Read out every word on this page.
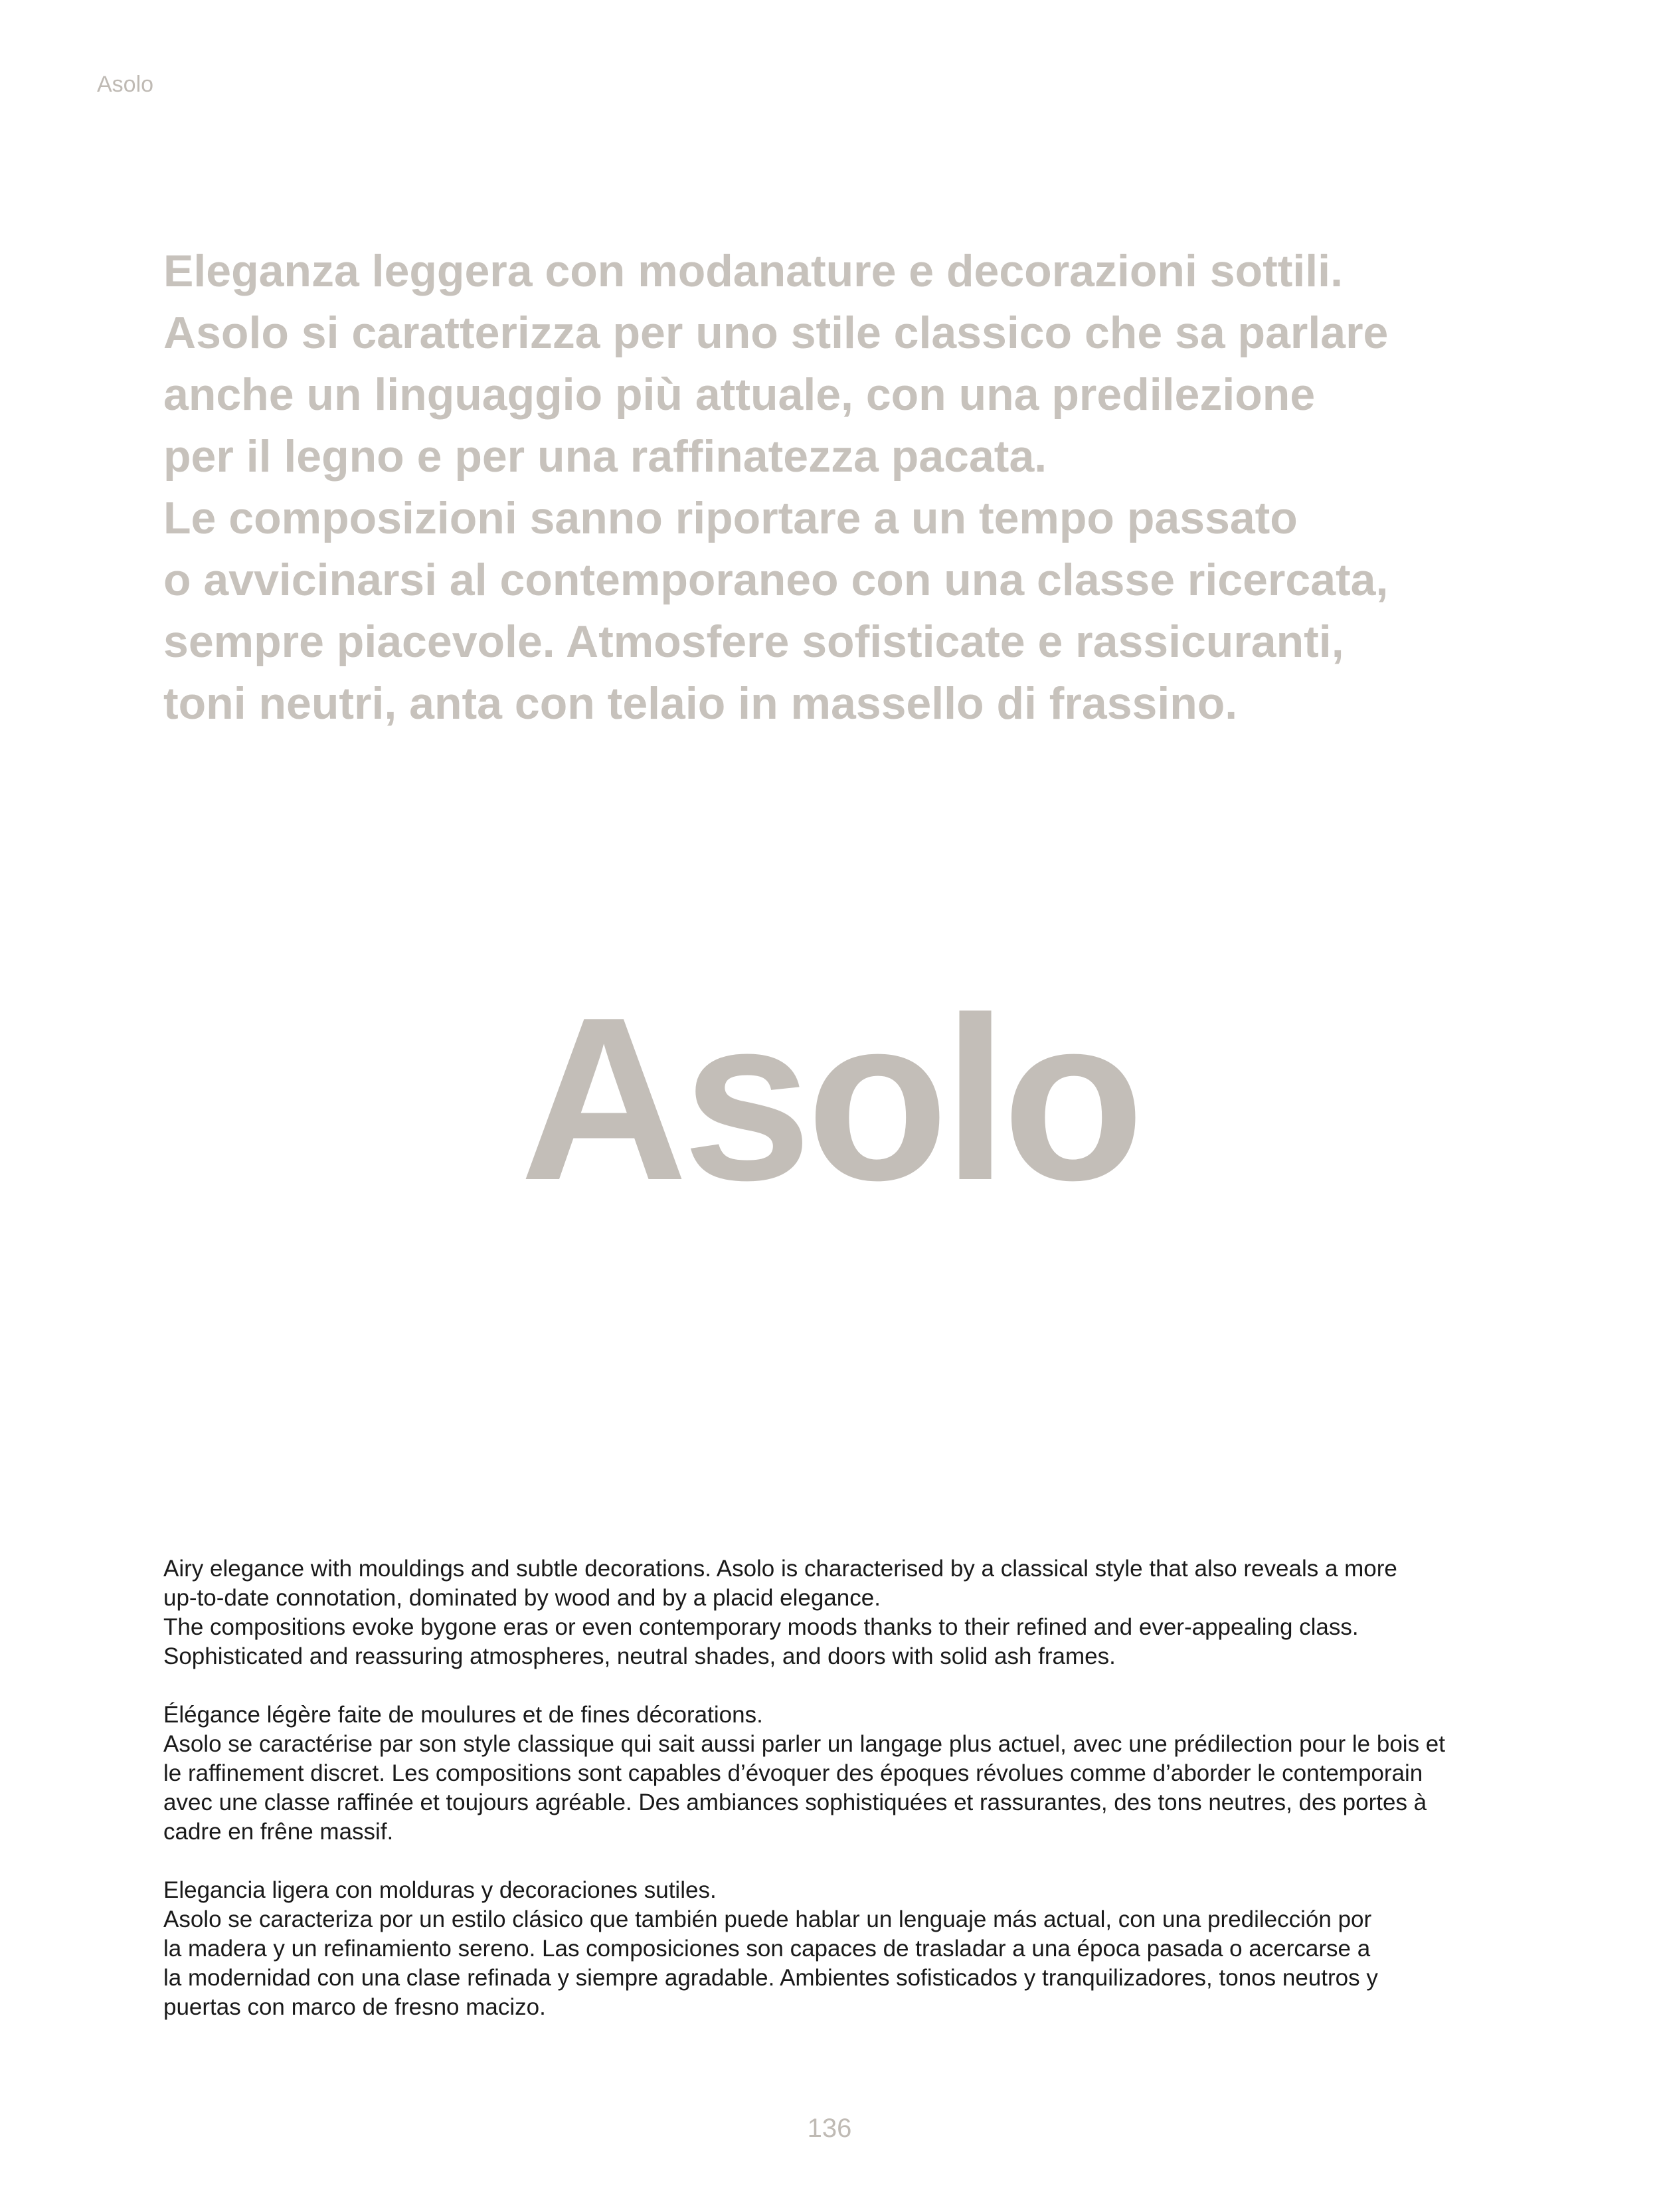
Asolo
Eleganza leggera con modanature e decorazioni sottili.
Asolo si caratterizza per uno stile classico che sa parlare
anche un linguaggio più attuale, con una predilezione
per il legno e per una raffinatezza pacata.
Le composizioni sanno riportare a un tempo passato
o avvicinarsi al contemporaneo con una classe ricercata,
sempre piacevole. Atmosfere sofisticate e rassicuranti,
toni neutri, anta con telaio in massello di frassino.
Asolo
Airy elegance with mouldings and subtle decorations. Asolo is characterised by a classical style that also reveals a more
up-to-date connotation, dominated by wood and by a placid elegance.
The compositions evoke bygone eras or even contemporary moods thanks to their refined and ever-appealing class.
Sophisticated and reassuring atmospheres, neutral shades, and doors with solid ash frames.
Élégance légère faite de moulures et de fines décorations.
Asolo se caractérise par son style classique qui sait aussi parler un langage plus actuel, avec une prédilection pour le bois et
le raffinement discret. Les compositions sont capables d’évoquer des époques révolues comme d’aborder le contemporain
avec une classe raffinée et toujours agréable. Des ambiances sophistiquées et rassurantes, des tons neutres, des portes à
cadre en frêne massif.
Elegancia ligera con molduras y decoraciones sutiles.
Asolo se caracteriza por un estilo clásico que también puede hablar un lenguaje más actual, con una predilección por
la madera y un refinamiento sereno. Las composiciones son capaces de trasladar a una época pasada o acercarse a
la modernidad con una clase refinada y siempre agradable. Ambientes sofisticados y tranquilizadores, tonos neutros y
puertas con marco de fresno macizo.
136
